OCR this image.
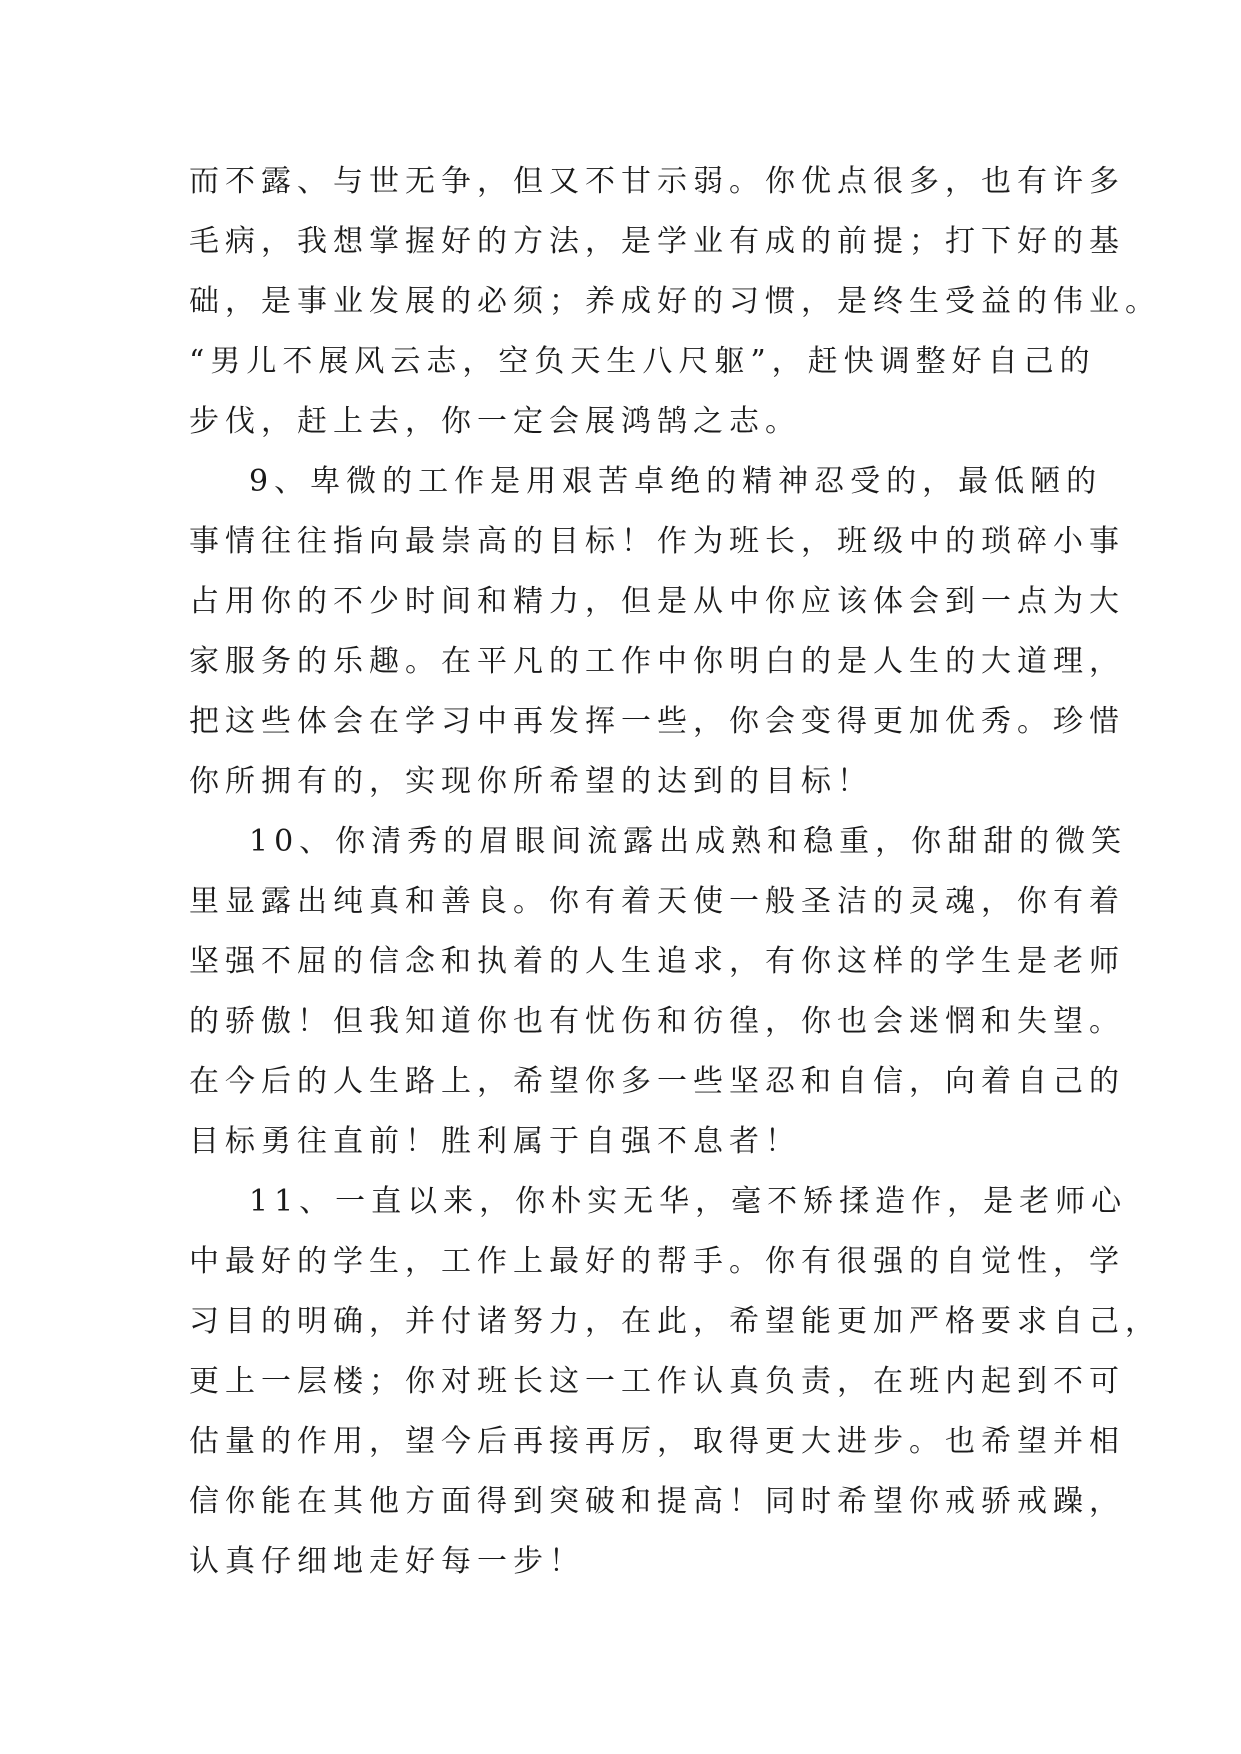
而不露、与世无争，但又不甘示弱。你优点很多，也有许多
毛病，我想掌握好的方法，是学业有成的前提；打下好的基
础，是事业发展的必须；养成好的习惯，是终生受益的伟业。
“男儿不展风云志，空负天生八尺躯”，赶快调整好自己的
步伐，赶上去，你一定会展鸿鹄之志。
9、卑微的工作是用艰苦卓绝的精神忍受的，最低陋的
事情往往指向最崇高的目标！作为班长，班级中的琐碎小事
占用你的不少时间和精力，但是从中你应该体会到一点为大
家服务的乐趣。在平凡的工作中你明白的是人生的大道理，
把这些体会在学习中再发挥一些，你会变得更加优秀。珍惜
你所拥有的，实现你所希望的达到的目标！
10、你清秀的眉眼间流露出成熟和稳重，你甜甜的微笑
里显露出纯真和善良。你有着天使一般圣洁的灵魂，你有着
坚强不屈的信念和执着的人生追求，有你这样的学生是老师
的骄傲！但我知道你也有忧伤和彷徨，你也会迷惘和失望。
在今后的人生路上，希望你多一些坚忍和自信，向着自己的
目标勇往直前！胜利属于自强不息者！
11、一直以来，你朴实无华，毫不矫揉造作，是老师心
中最好的学生，工作上最好的帮手。你有很强的自觉性，学
习目的明确，并付诸努力，在此，希望能更加严格要求自己，
更上一层楼；你对班长这一工作认真负责，在班内起到不可
估量的作用，望今后再接再厉，取得更大进步。也希望并相
信你能在其他方面得到突破和提高！同时希望你戒骄戒躁，
认真仔细地走好每一步！
